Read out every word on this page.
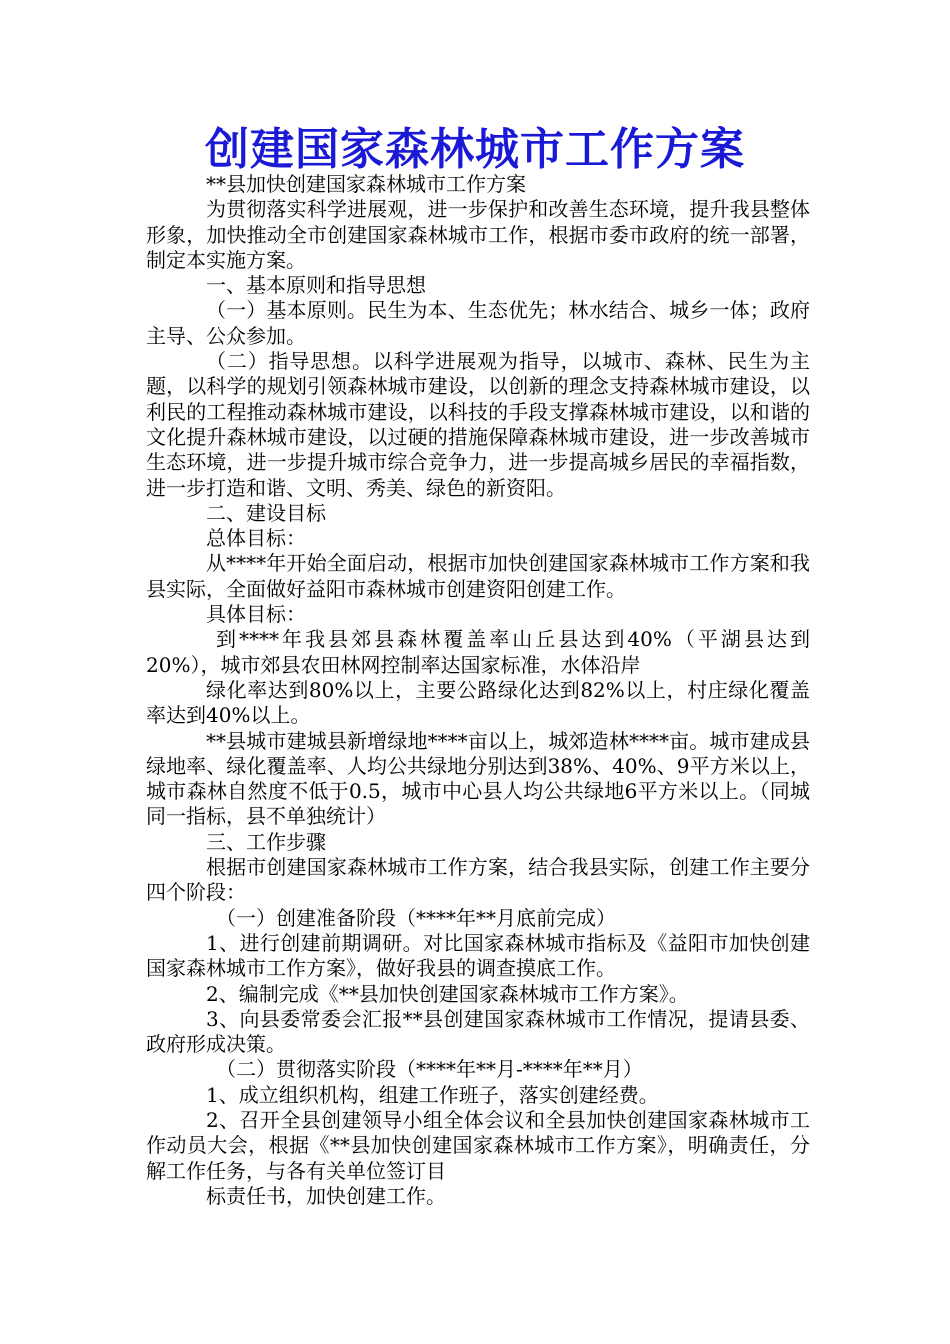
创建国家森林城市工作方案

**县加快创建国家森林城市工作方案

为贯彻落实科学进展观，进一步保护和改善生态环境，提升我县整体形象，加快推动全市创建国家森林城市工作，根据市委市政府的统一部署，制定本实施方案。

一、基本原则和指导思想

（一）基本原则。民生为本、生态优先；林水结合、城乡一体；政府主导、公众参加。

（二）指导思想。以科学进展观为指导，以城市、森林、民生为主题，以科学的规划引领森林城市建设，以创新的理念支持森林城市建设，以利民的工程推动森林城市建设，以科技的手段支撑森林城市建设，以和谐的文化提升森林城市建设，以过硬的措施保障森林城市建设，进一步改善城市生态环境，进一步提升城市综合竞争力，进一步提高城乡居民的幸福指数，进一步打造和谐、文明、秀美、绿色的新资阳。

二、建设目标

总体目标：

从****年开始全面启动，根据市加快创建国家森林城市工作方案和我县实际，全面做好益阳市森林城市创建资阳创建工作。

具体目标：

到****年我县郊县森林覆盖率山丘县达到40%（平湖县达到20%），城市郊县农田林网控制率达国家标准，水体沿岸

绿化率达到80%以上，主要公路绿化达到82%以上，村庄绿化覆盖率达到40%以上。

**县城市建城县新增绿地****亩以上，城郊造林****亩。城市建成县绿地率、绿化覆盖率、人均公共绿地分别达到38%、40%、9平方米以上，城市森林自然度不低于0.5，城市中心县人均公共绿地6平方米以上。（同城同一指标，县不单独统计）

三、工作步骤

根据市创建国家森林城市工作方案，结合我县实际，创建工作主要分四个阶段：

（一）创建准备阶段（****年**月底前完成）

1、进行创建前期调研。对比国家森林城市指标及《益阳市加快创建国家森林城市工作方案》，做好我县的调查摸底工作。

2、编制完成《**县加快创建国家森林城市工作方案》。

3、向县委常委会汇报**县创建国家森林城市工作情况，提请县委、政府形成决策。

（二）贯彻落实阶段（****年**月-****年**月）

1、成立组织机构，组建工作班子，落实创建经费。

2、召开全县创建领导小组全体会议和全县加快创建国家森林城市工作动员大会，根据《**县加快创建国家森林城市工作方案》，明确责任，分解工作任务，与各有关单位签订目

标责任书，加快创建工作。
